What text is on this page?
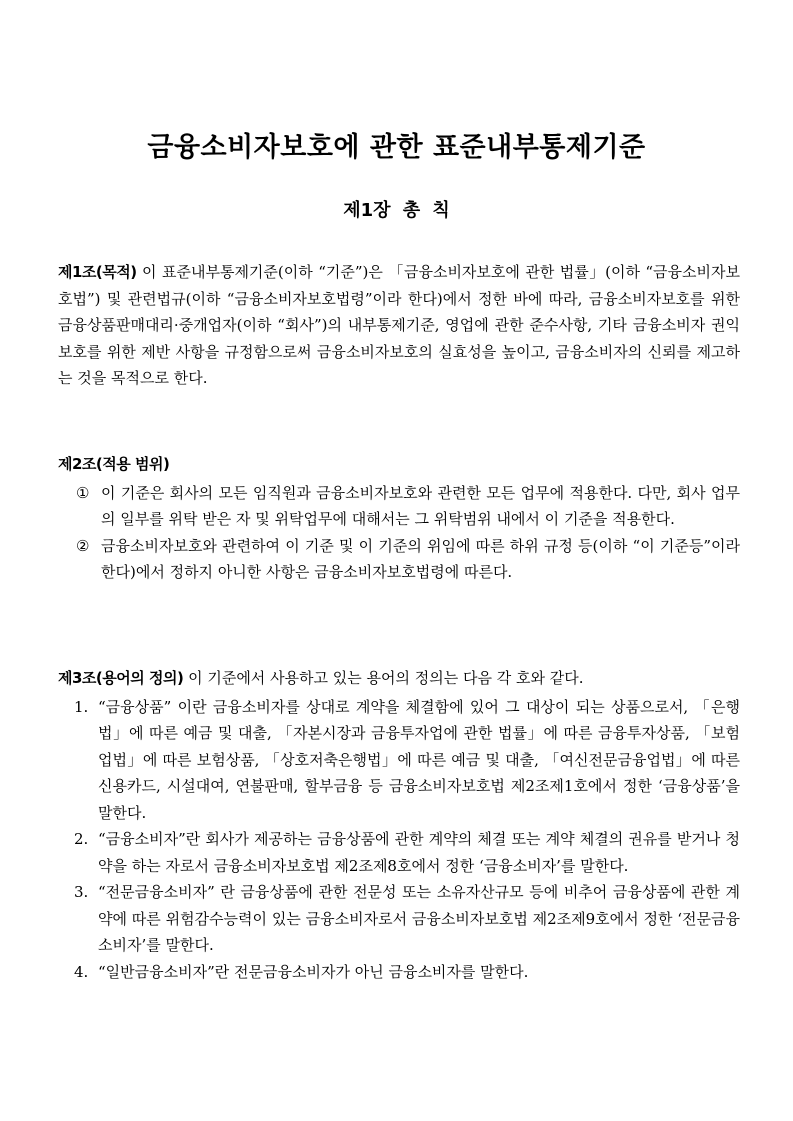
금융소비자보호에 관한 표준내부통제기준
제1장 총 칙

제1조(목적) 이 표준내부통제기준(이하 “기준”)은 「금융소비자보호에 관한 법률」(이하 “금융소비자보호법”) 및 관련법규(이하 “금융소비자보호법령”이라 한다)에서 정한 바에 따라, 금융소비자보호를 위한 금융상품판매대리·중개업자(이하 “회사”)의 내부통제기준, 영업에 관한 준수사항, 기타 금융소비자 권익 보호를 위한 제반 사항을 규정함으로써 금융소비자보호의 실효성을 높이고, 금융소비자의 신뢰를 제고하는 것을 목적으로 한다.

제2조(적용 범위)

① 이 기준은 회사의 모든 임직원과 금융소비자보호와 관련한 모든 업무에 적용한다. 다만, 회사 업무의 일부를 위탁 받은 자 및 위탁업무에 대해서는 그 위탁범위 내에서 이 기준을 적용한다.

② 금융소비자보호와 관련하여 이 기준 및 이 기준의 위임에 따른 하위 규정 등(이하 “이 기준등”이라 한다)에서 정하지 아니한 사항은 금융소비자보호법령에 따른다.

제3조(용어의 정의) 이 기준에서 사용하고 있는 용어의 정의는 다음 각 호와 같다.

1. “금융상품” 이란 금융소비자를 상대로 계약을 체결함에 있어 그 대상이 되는 상품으로서, 「은행법」에 따른 예금 및 대출, 「자본시장과 금융투자업에 관한 법률」에 따른 금융투자상품, 「보험업법」에 따른 보험상품, 「상호저축은행법」에 따른 예금 및 대출, 「여신전문금융업법」에 따른 신용카드, 시설대여, 연불판매, 할부금융 등 금융소비자보호법 제2조제1호에서 정한 ‘금융상품’을 말한다.

2. “금융소비자”란 회사가 제공하는 금융상품에 관한 계약의 체결 또는 계약 체결의 권유를 받거나 청약을 하는 자로서 금융소비자보호법 제2조제8호에서 정한 ‘금융소비자’를 말한다.

3. “전문금융소비자” 란 금융상품에 관한 전문성 또는 소유자산규모 등에 비추어 금융상품에 관한 계약에 따른 위험감수능력이 있는 금융소비자로서 금융소비자보호법 제2조제9호에서 정한 ‘전문금융소비자’를 말한다.

4. “일반금융소비자”란 전문금융소비자가 아닌 금융소비자를 말한다.
